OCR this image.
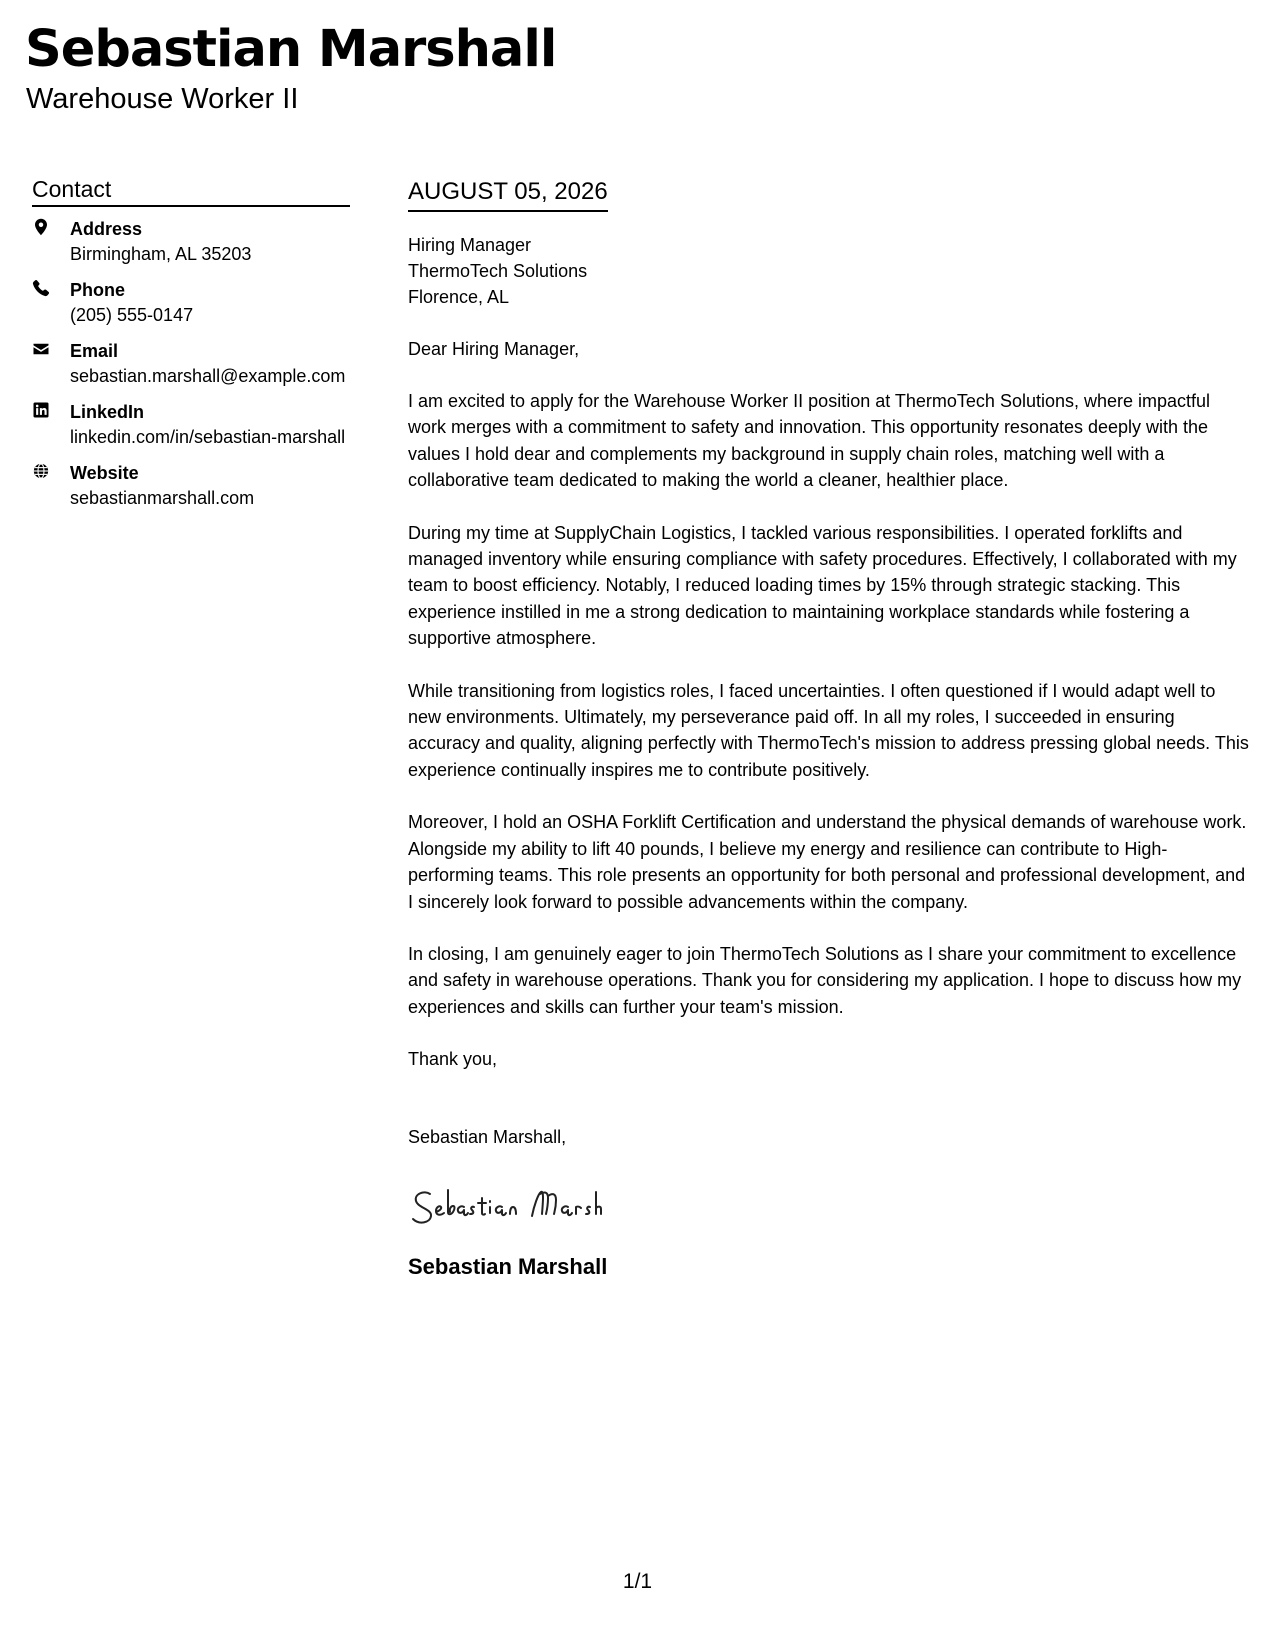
Sebastian Marshall
Warehouse Worker II
Contact
Address
Birmingham, AL 35203
Phone
(205) 555-0147
Email
sebastian.marshall@example.com
LinkedIn
linkedin.com/in/sebastian-marshall
Website
sebastianmarshall.com
AUGUST 05, 2026
Hiring Manager
ThermoTech Solutions
Florence, AL
Dear Hiring Manager,
I am excited to apply for the Warehouse Worker II position at ThermoTech Solutions, where impactful work merges with a commitment to safety and innovation. This opportunity resonates deeply with the values I hold dear and complements my background in supply chain roles, matching well with a collaborative team dedicated to making the world a cleaner, healthier place.
During my time at SupplyChain Logistics, I tackled various responsibilities. I operated forklifts and managed inventory while ensuring compliance with safety procedures. Effectively, I collaborated with my team to boost efficiency. Notably, I reduced loading times by 15% through strategic stacking. This experience instilled in me a strong dedication to maintaining workplace standards while fostering a supportive atmosphere.
While transitioning from logistics roles, I faced uncertainties. I often questioned if I would adapt well to new environments. Ultimately, my perseverance paid off. In all my roles, I succeeded in ensuring accuracy and quality, aligning perfectly with ThermoTech's mission to address pressing global needs. This experience continually inspires me to contribute positively.
Moreover, I hold an OSHA Forklift Certification and understand the physical demands of warehouse work. Alongside my ability to lift 40 pounds, I believe my energy and resilience can contribute to High-performing teams. This role presents an opportunity for both personal and professional development, and I sincerely look forward to possible advancements within the company.
In closing, I am genuinely eager to join ThermoTech Solutions as I share your commitment to excellence and safety in warehouse operations. Thank you for considering my application. I hope to discuss how my experiences and skills can further your team's mission.
Thank you,
Sebastian Marshall,
Sebastian Marshall
1/1
